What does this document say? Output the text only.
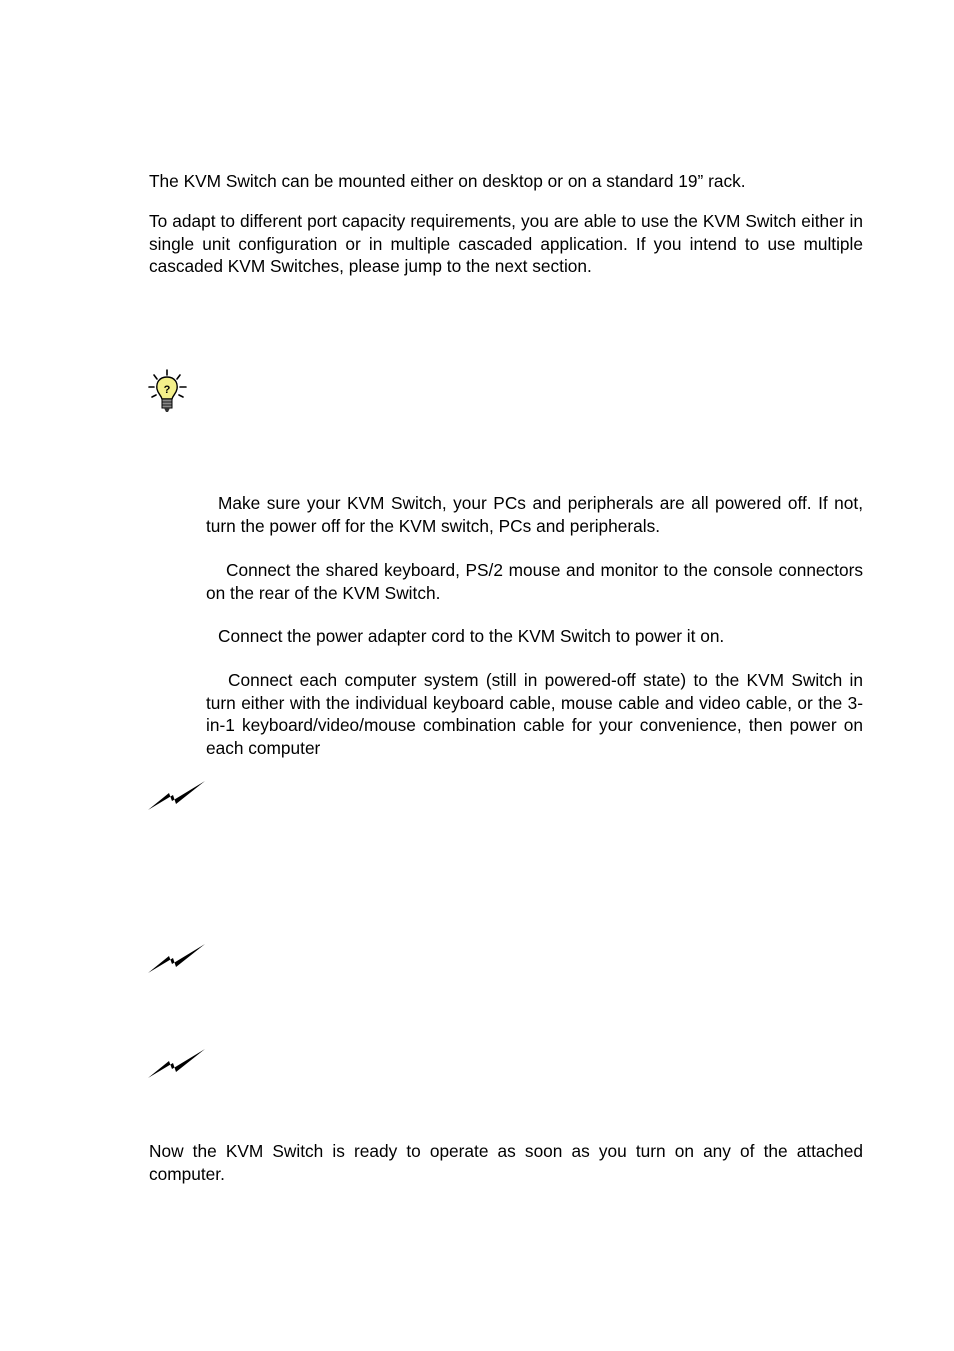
The KVM Switch can be mounted either on desktop or on a standard 19” rack.

To adapt to different port capacity requirements, you are able to use the KVM Switch either in single unit configuration or in multiple cascaded application. If you intend to use multiple cascaded KVM Switches, please jump to the next section.

?

Make sure your KVM Switch, your PCs and peripherals are all powered off. If not, turn the power off for the KVM switch, PCs and peripherals.

Connect the shared keyboard, PS/2 mouse and monitor to the console connectors on the rear of the KVM Switch.

Connect the power adapter cord to the KVM Switch to power it on.

Connect each computer system (still in powered-off state) to the KVM Switch in turn either with the individual keyboard cable, mouse cable and video cable, or the 3-in-1 keyboard/video/mouse combination cable for your convenience, then power on each computer

Now the KVM Switch is ready to operate as soon as you turn on any of the attached computer.
